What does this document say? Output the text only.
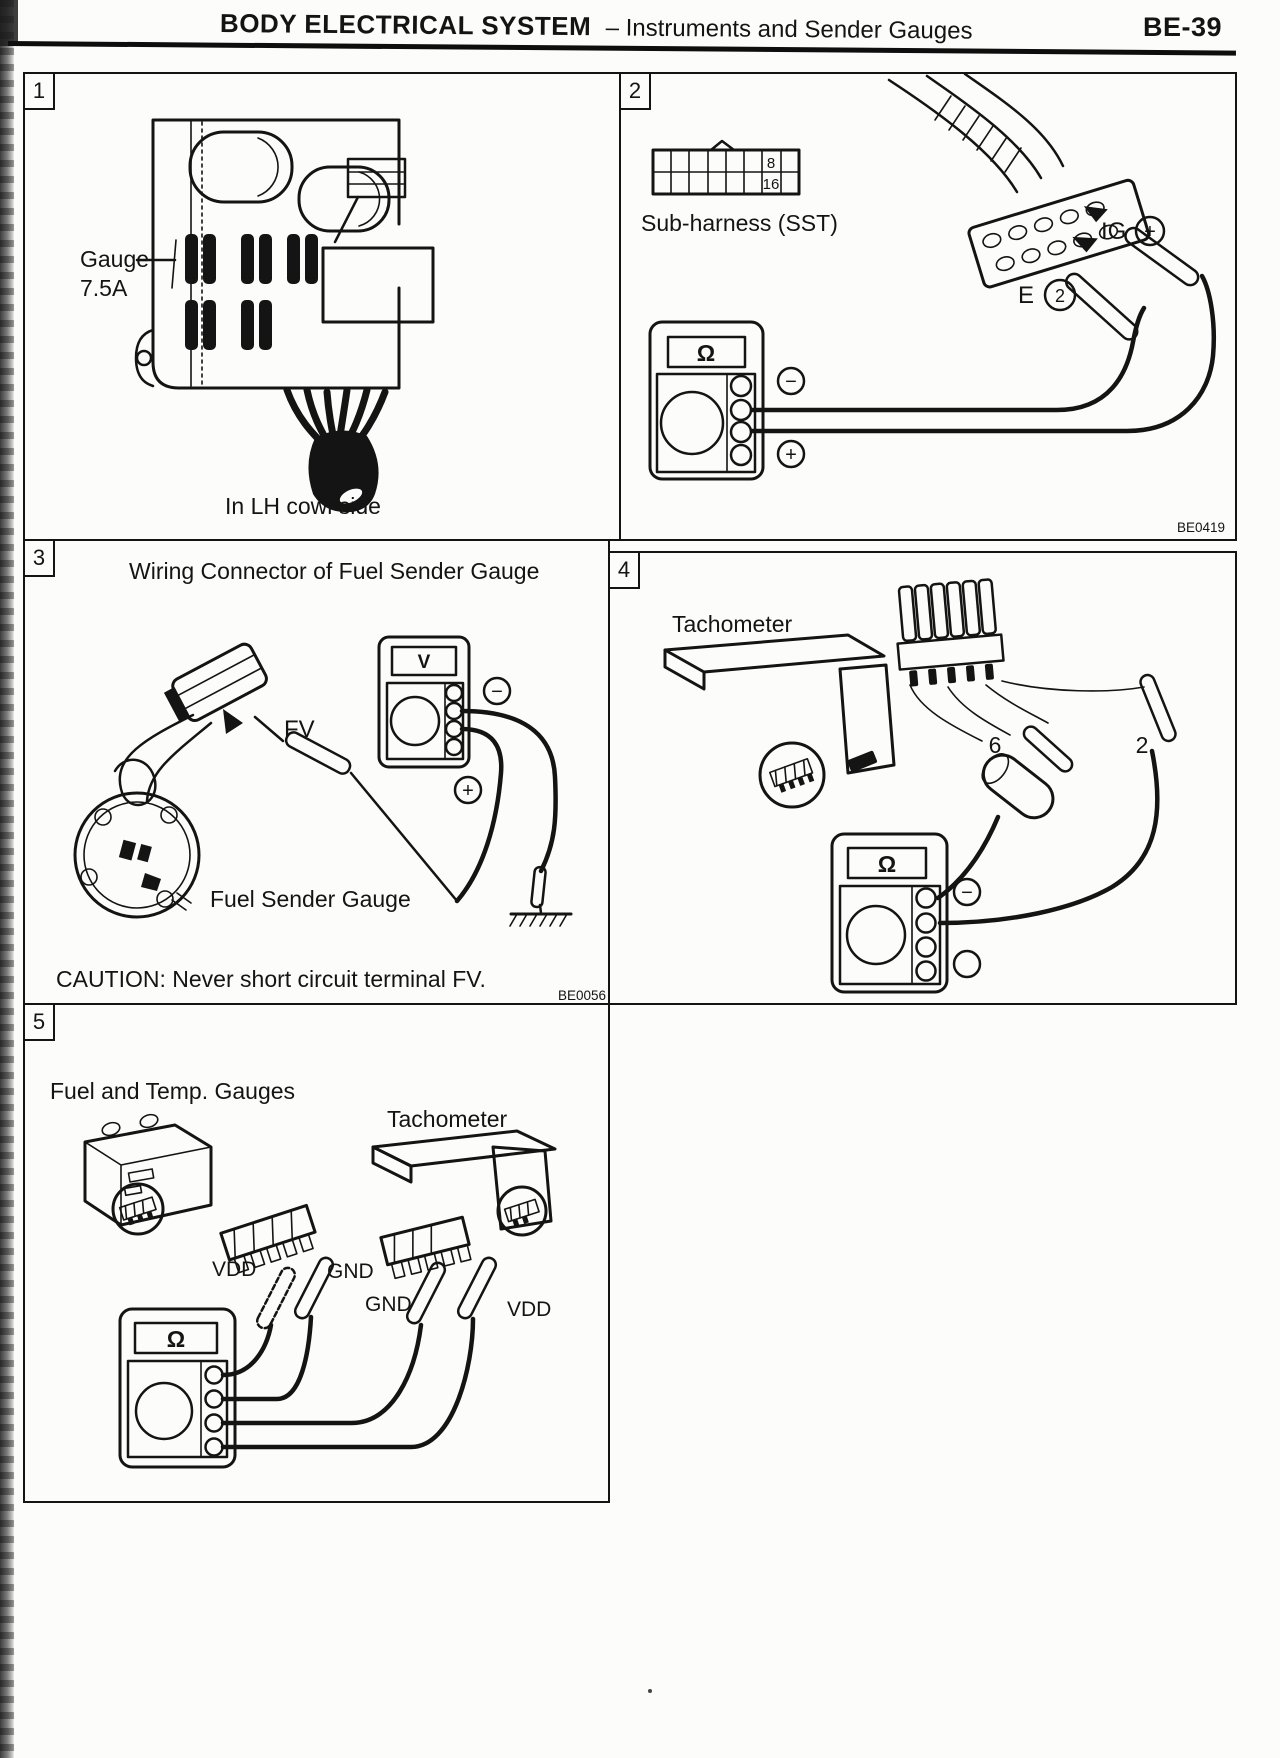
BODY ELECTRICAL SYSTEM – Instruments and Sender Gauges	BE-39
1
Gauge
7.5A
In LH cowl side
2
8
16
Sub-harness (SST)
Ω
−
+
IG +
E 2
BE0419
3
Wiring Connector of Fuel Sender Gauge
FV
V
−
+
Fuel Sender Gauge
CAUTION: Never short circuit terminal FV.
BE0056
4
Tachometer
6	2
Ω
−
5
Fuel and Temp. Gauges
Tachometer
VDD	GND
GND	VDD
Ω
